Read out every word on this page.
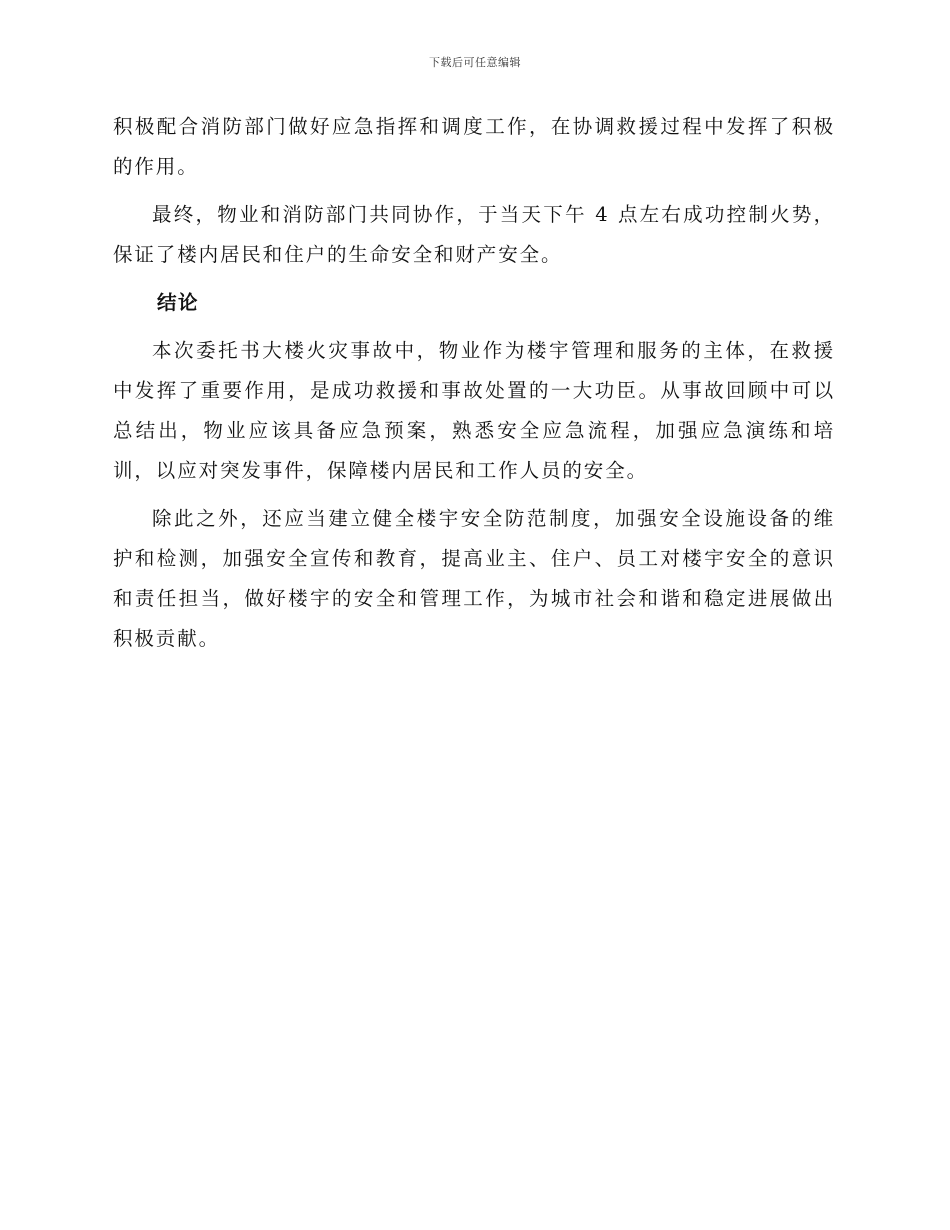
下载后可任意编辑

积极配合消防部门做好应急指挥和调度工作，在协调救援过程中发挥了积极的作用。

最终，物业和消防部门共同协作，于当天下午 4 点左右成功控制火势，保证了楼内居民和住户的生命安全和财产安全。

结论

本次委托书大楼火灾事故中，物业作为楼宇管理和服务的主体，在救援中发挥了重要作用，是成功救援和事故处置的一大功臣。从事故回顾中可以总结出，物业应该具备应急预案，熟悉安全应急流程，加强应急演练和培训，以应对突发事件，保障楼内居民和工作人员的安全。

除此之外，还应当建立健全楼宇安全防范制度，加强安全设施设备的维护和检测，加强安全宣传和教育，提高业主、住户、员工对楼宇安全的意识和责任担当，做好楼宇的安全和管理工作，为城市社会和谐和稳定进展做出积极贡献。
